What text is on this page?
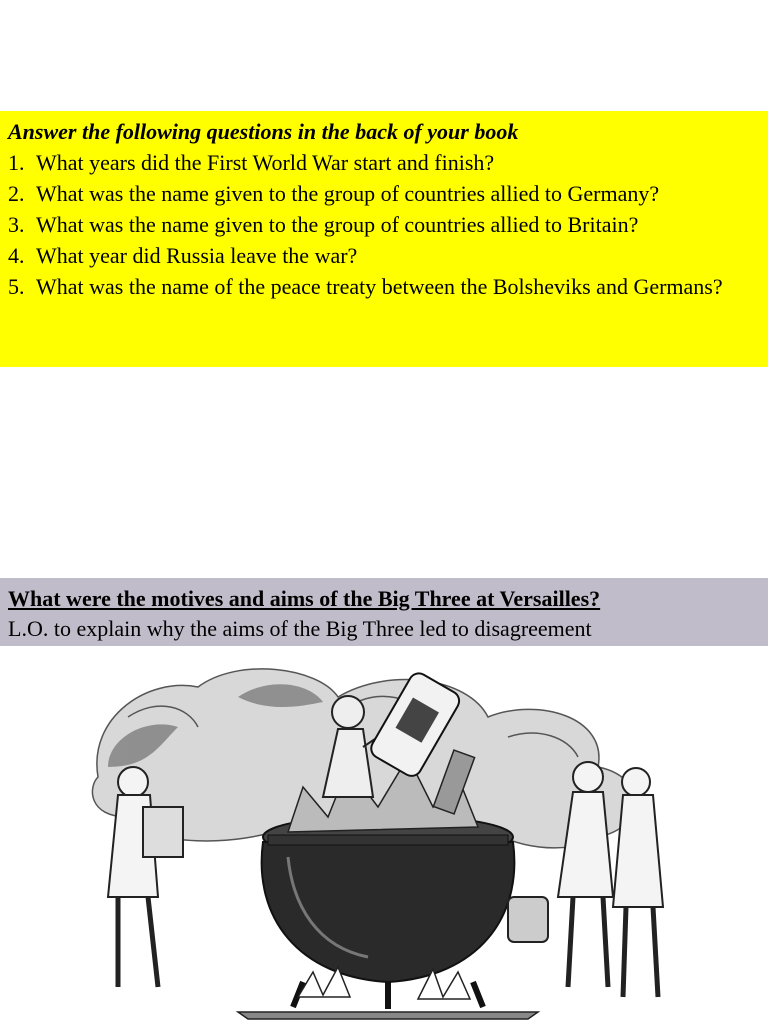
Answer the following questions in the back of your book

1. What years did the First World War start and finish?
2. What was the name given to the group of countries allied to Germany?
3. What was the name given to the group of countries allied to Britain?
4. What year did Russia leave the war?
5. What was the name of the peace treaty between the Bolsheviks and Germans?

What were the motives and aims of the Big Three at Versailles?

L.O. to explain why the aims of the Big Three led to disagreement
